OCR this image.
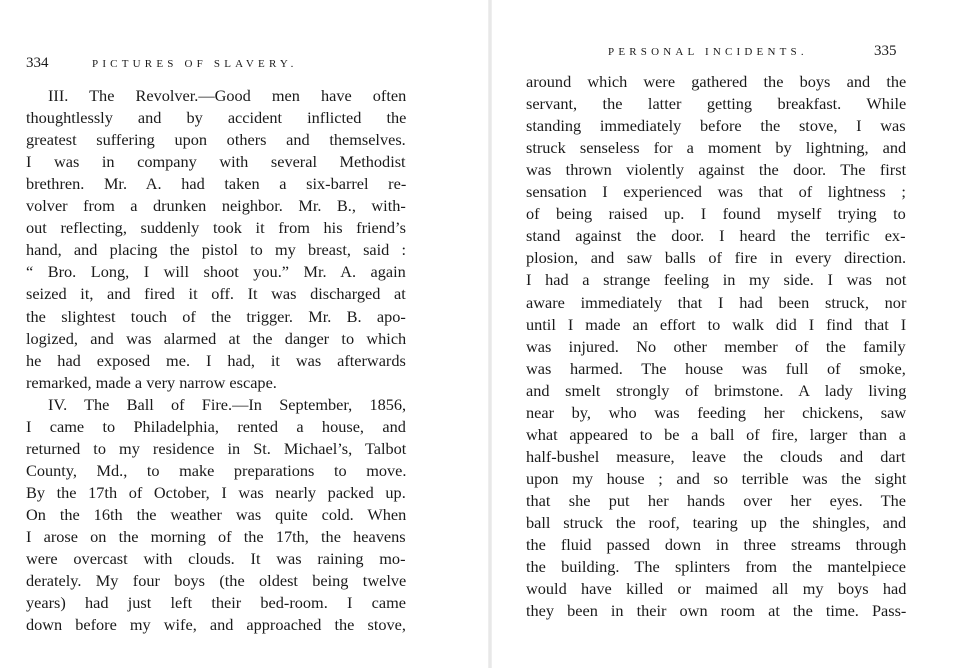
334	PICTURES OF SLAVERY.
III. The Revolver.—Good men have often
thoughtlessly and by accident inflicted the
greatest suffering upon others and themselves.
I was in company with several Methodist
brethren. Mr. A. had taken a six-barrel re-
volver from a drunken neighbor. Mr. B., with-
out reflecting, suddenly took it from his friend’s
hand, and placing the pistol to my breast, said :
“ Bro. Long, I will shoot you.” Mr. A. again
seized it, and fired it off. It was discharged at
the slightest touch of the trigger. Mr. B. apo-
logized, and was alarmed at the danger to which
he had exposed me. I had, it was afterwards
remarked, made a very narrow escape.
IV. The Ball of Fire.—In September, 1856,
I came to Philadelphia, rented a house, and
returned to my residence in St. Michael’s, Talbot
County, Md., to make preparations to move.
By the 17th of October, I was nearly packed up.
On the 16th the weather was quite cold. When
I arose on the morning of the 17th, the heavens
were overcast with clouds. It was raining mo-
derately. My four boys (the oldest being twelve
years) had just left their bed-room. I came
down before my wife, and approached the stove,
PERSONAL INCIDENTS.	335
around which were gathered the boys and the
servant, the latter getting breakfast. While
standing immediately before the stove, I was
struck senseless for a moment by lightning, and
was thrown violently against the door. The first
sensation I experienced was that of lightness ;
of being raised up. I found myself trying to
stand against the door. I heard the terrific ex-
plosion, and saw balls of fire in every direction.
I had a strange feeling in my side. I was not
aware immediately that I had been struck, nor
until I made an effort to walk did I find that I
was injured. No other member of the family
was harmed. The house was full of smoke,
and smelt strongly of brimstone. A lady living
near by, who was feeding her chickens, saw
what appeared to be a ball of fire, larger than a
half-bushel measure, leave the clouds and dart
upon my house ; and so terrible was the sight
that she put her hands over her eyes. The
ball struck the roof, tearing up the shingles, and
the fluid passed down in three streams through
the building. The splinters from the mantelpiece
would have killed or maimed all my boys had
they been in their own room at the time. Pass-
